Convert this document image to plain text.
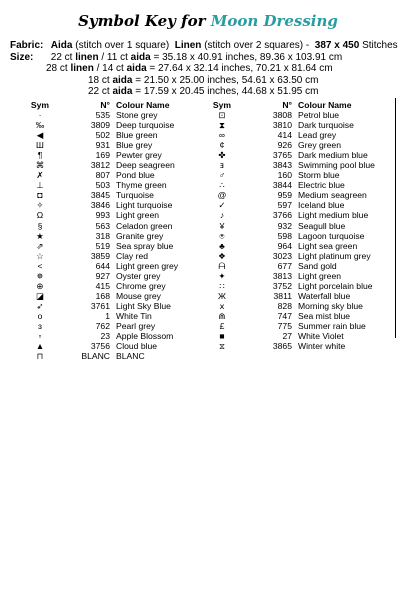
Symbol Key for Moon Dressing
Fabric: Aida (stitch over 1 square) Linen (stitch over 2 squares) - 387 x 450 Stitches
Size: 22 ct linen / 11 ct aida = 35.18 x 40.91 inches, 89.36 x 103.91 cm
28 ct linen / 14 ct aida = 27.64 x 32.14 inches, 70.21 x 81.64 cm
18 ct aida = 21.50 x 25.00 inches, 54.61 x 63.50 cm
22 ct aida = 17.59 x 20.45 inches, 44.68 x 51.95 cm
Sym	N° Colour Name
·	535 Stone grey
‰	3809 Deep turquoise
◀	502 Blue green
Ш	931 Blue grey
¶	169 Pewter grey
⌘	3812 Deep seagreen
✗	807 Pond blue
⊥	503 Thyme green
◘	3845 Turquoise
✧	3846 Light turquoise
Ω	993 Light green
§	563 Celadon green
★	318 Granite grey
⇗	519 Sea spray blue
☆	3859 Clay red
<	644 Light green grey
✵	927 Oyster grey
⊕	415 Chrome grey
◪	168 Mouse grey
➶	3761 Light Sky Blue
o	1 White Tin
ɜ	762 Pearl grey
▫	23 Apple Blossom
▲	3756 Cloud blue
⊓	BLANC BLANC
Sym	N° Colour Name
⊡	3808 Petrol blue
⧗	3810 Dark turquoise
∞	414 Lead grey
¢	926 Grey green
✤	3765 Dark medium blue
ⱻ	3843 Swimming pool blue
♂	160 Storm blue
∴	3844 Electric blue
@	959 Medium seagreen
✓	597 Iceland blue
♪	3766 Light medium blue
¥	932 Seagull blue
⍟	598 Lagoon turquoise
♣	964 Light sea green
❖	3023 Light platinum grey
ᗩ	677 Sand gold
✦	3813 Light green
∷	3752 Light porcelain blue
Ж	3811 Waterfall blue
ⅹ	828 Morning sky blue
⋒	747 Sea mist blue
£	775 Summer rain blue
■	27 White Violet
⧖	3865 Winter white
